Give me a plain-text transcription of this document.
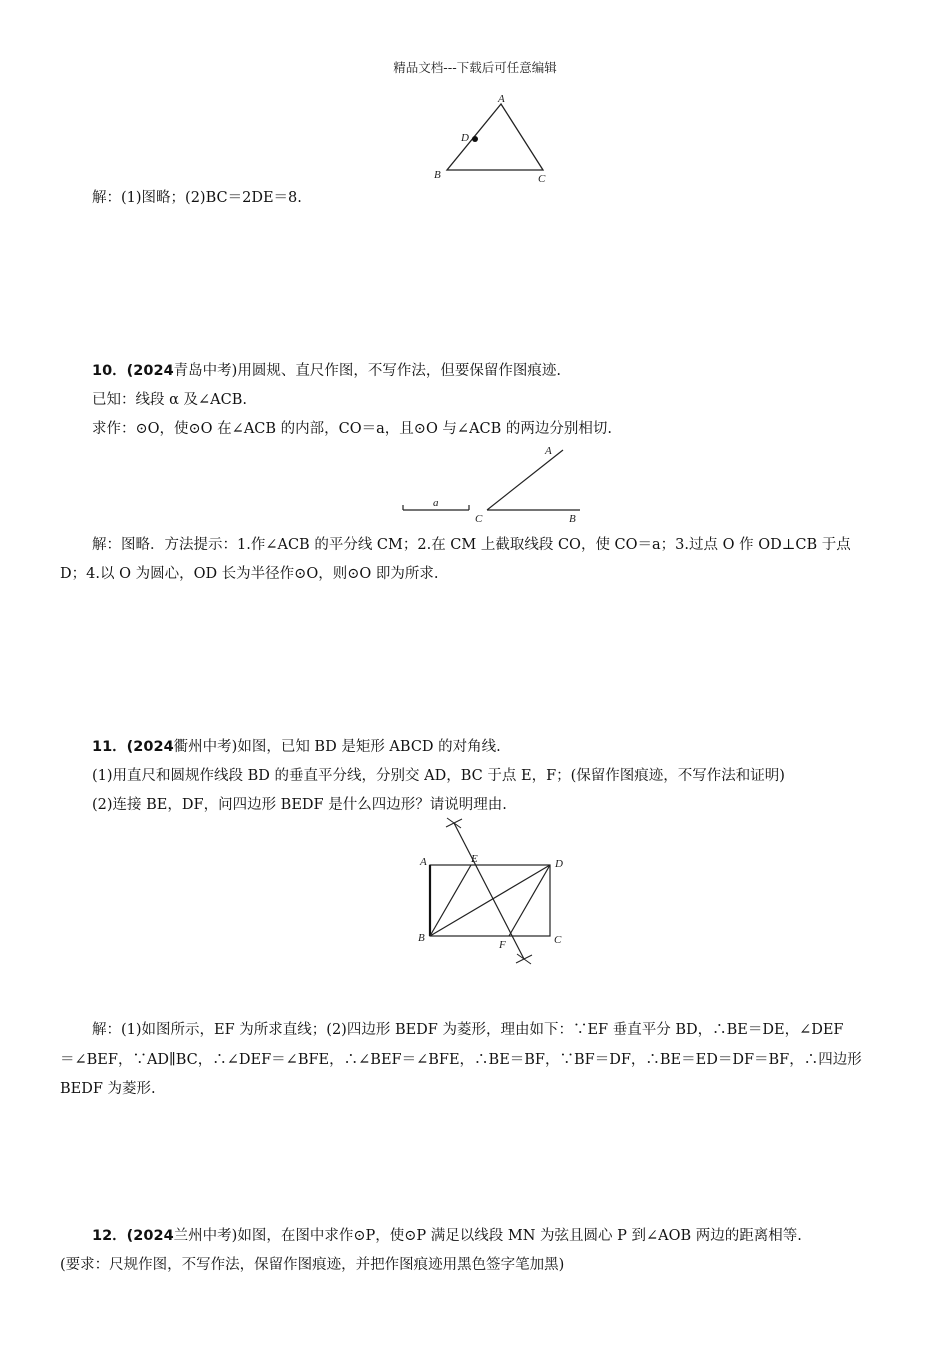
精品文档---下载后可任意编辑
A
D
B	C
解：(1)图略；(2)BC＝2DE＝8.
10．(2024青岛中考)用圆规、直尺作图，不写作法，但要保留作图痕迹.
已知：线段 α 及∠ACB.
求作：⊙O，使⊙O 在∠ACB 的内部，CO＝a，且⊙O 与∠ACB 的两边分别相切.
a
A
C	B
解：图略．方法提示：1.作∠ACB 的平分线 CM；2.在 CM 上截取线段 CO，使 CO＝a；3.过点 O 作 OD⊥CB 于点
D；4.以 O 为圆心，OD 长为半径作⊙O，则⊙O 即为所求.
11．(2024衢州中考)如图，已知 BD 是矩形 ABCD 的对角线.
(1)用直尺和圆规作线段 BD 的垂直平分线，分别交 AD，BC 于点 E，F；(保留作图痕迹，不写作法和证明)
(2)连接 BE，DF，问四边形 BEDF 是什么四边形？请说明理由.
A	E	D
B
F	C
解：(1)如图所示，EF 为所求直线；(2)四边形 BEDF 为菱形，理由如下：∵EF 垂直平分 BD，∴BE＝DE，∠DEF
＝∠BEF，∵AD∥BC，∴∠DEF＝∠BFE，∴∠BEF＝∠BFE，∴BE＝BF，∵BF＝DF，∴BE＝ED＝DF＝BF，∴四边形
BEDF 为菱形.
12．(2024兰州中考)如图，在图中求作⊙P，使⊙P 满足以线段 MN 为弦且圆心 P 到∠AOB 两边的距离相等.
(要求：尺规作图，不写作法，保留作图痕迹，并把作图痕迹用黑色签字笔加黑)
